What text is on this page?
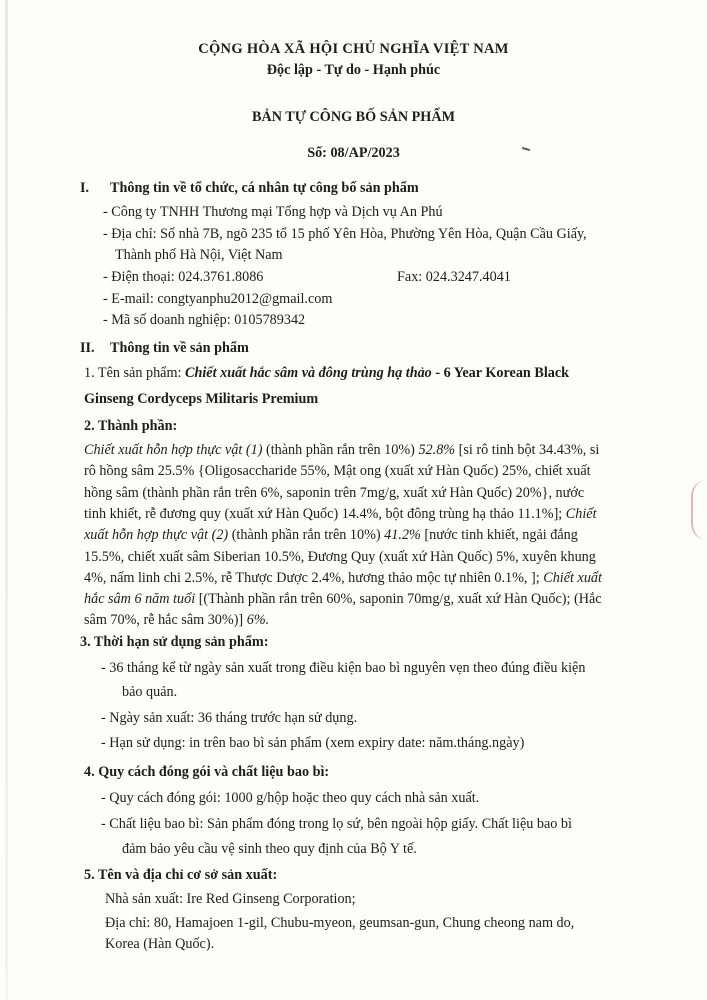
CỘNG HÒA XÃ HỘI CHỦ NGHĨA VIỆT NAM
Độc lập - Tự do - Hạnh phúc
BẢN TỰ CÔNG BỐ SẢN PHẨM
Số: 08/AP/2023
I. Thông tin về tổ chức, cá nhân tự công bố sản phẩm
- Công ty TNHH Thương mại Tổng hợp và Dịch vụ An Phú
- Địa chỉ: Số nhà 7B, ngõ 235 tổ 15 phố Yên Hòa, Phường Yên Hòa, Quận Cầu Giấy,
Thành phố Hà Nội, Việt Nam
- Điện thoại: 024.3761.8086	Fax: 024.3247.4041
- E-mail: congtyanphu2012@gmail.com
- Mã số doanh nghiệp: 0105789342
II. Thông tin về sản phẩm
1. Tên sản phẩm: Chiết xuất hắc sâm và đông trùng hạ thảo - 6 Year Korean Black
Ginseng Cordyceps Militaris Premium
2. Thành phần:
Chiết xuất hỗn hợp thực vật (1) (thành phần rắn trên 10%) 52.8% [si rô tinh bột 34.43%, si
rô hồng sâm 25.5% {Oligosaccharide 55%, Mật ong (xuất xứ Hàn Quốc) 25%, chiết xuất
hồng sâm (thành phần rắn trên 6%, saponin trên 7mg/g, xuất xứ Hàn Quốc) 20%}, nước
tinh khiết, rễ đương quy (xuất xứ Hàn Quốc) 14.4%, bột đông trùng hạ thảo 11.1%]; Chiết
xuất hỗn hợp thực vật (2) (thành phần rắn trên 10%) 41.2% [nước tinh khiết, ngải đắng
15.5%, chiết xuất sâm Siberian 10.5%, Đương Quy (xuất xứ Hàn Quốc) 5%, xuyên khung
4%, nấm linh chi 2.5%, rễ Thược Dược 2.4%, hương thảo mộc tự nhiên 0.1%, ]; Chiết xuất
hắc sâm 6 năm tuổi [(Thành phần rắn trên 60%, saponin 70mg/g, xuất xứ Hàn Quốc); (Hắc
sâm 70%, rễ hắc sâm 30%)] 6%.
3. Thời hạn sử dụng sản phẩm:
- 36 tháng kể từ ngày sản xuất trong điều kiện bao bì nguyên vẹn theo đúng điều kiện
bảo quản.
- Ngày sản xuất: 36 tháng trước hạn sử dụng.
- Hạn sử dụng: in trên bao bì sản phẩm (xem expiry date: năm.tháng.ngày)
4. Quy cách đóng gói và chất liệu bao bì:
- Quy cách đóng gói: 1000 g/hộp hoặc theo quy cách nhà sản xuất.
- Chất liệu bao bì: Sản phẩm đóng trong lọ sứ, bên ngoài hộp giấy. Chất liệu bao bì
đảm bảo yêu cầu vệ sinh theo quy định của Bộ Y tế.
5. Tên và địa chỉ cơ sở sản xuất:
Nhà sản xuất: Ire Red Ginseng Corporation;
Địa chỉ: 80, Hamajoen 1-gil, Chubu-myeon, geumsan-gun, Chung cheong nam do,
Korea (Hàn Quốc).
